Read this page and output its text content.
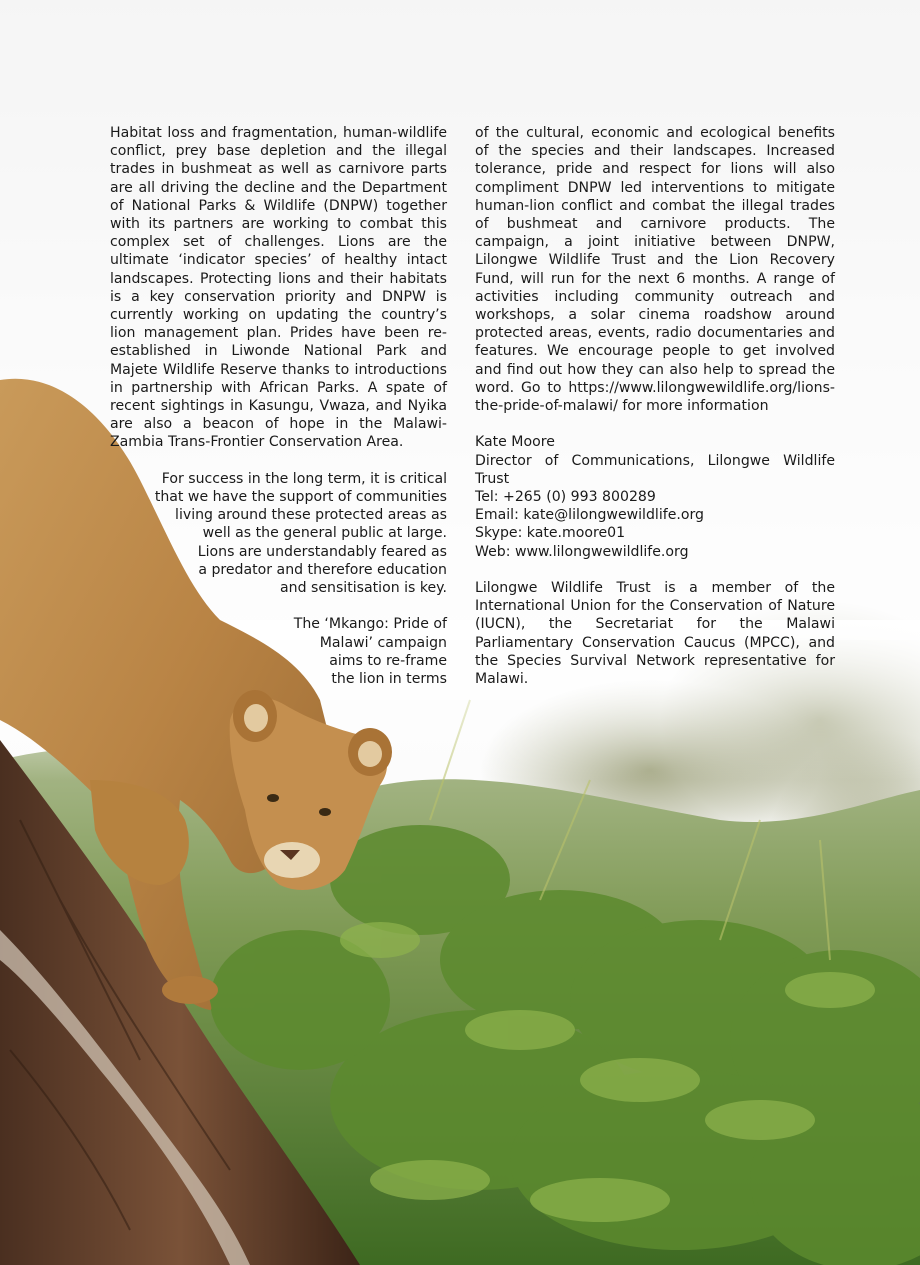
Habitat loss and fragmentation, human-wildlife conflict, prey base depletion and the illegal trades in bushmeat as well as carnivore parts are all driving the decline and the Department of National Parks & Wildlife (DNPW) together with its partners are working to combat this complex set of challenges. Lions are the ultimate ‘indicator species’ of healthy intact landscapes. Protecting lions and their habitats is a key conservation priority and DNPW is currently working on updating the country’s lion management plan. Prides have been re-established in Liwonde National Park and Majete Wildlife Reserve thanks to introductions in partnership with African Parks. A spate of recent sightings in Kasungu, Vwaza, and Nyika are also a beacon of hope in the Malawi-Zambia Trans-Frontier Conservation Area.

For success in the long term, it is critical
that we have the support of communities
living around these protected areas as
well as the general public at large.
Lions are understandably feared as
a predator and therefore education
and sensitisation is key.
The ‘Mkango: Pride of
Malawi’ campaign
aims to re-frame
the lion in terms

of the cultural, economic and ecological benefits of the species and their landscapes. Increased tolerance, pride and respect for lions will also compliment DNPW led interventions to mitigate human-lion conflict and combat the illegal trades of bushmeat and carnivore products. The campaign, a joint initiative between DNPW, Lilongwe Wildlife Trust and the Lion Recovery Fund, will run for the next 6 months. A range of activities including community outreach and workshops, a solar cinema roadshow around protected areas, events, radio documentaries and features. We encourage people to get involved and find out how they can also help to spread the word. Go to https://www.lilongwewildlife.org/lions-the-pride-of-malawi/ for more information

Kate Moore
Director of Communications, Lilongwe Wildlife Trust
Tel: +265 (0) 993 800289
Email: kate@lilongwewildlife.org
Skype: kate.moore01
Web: www.lilongwewildlife.org

Lilongwe Wildlife Trust is a member of the International Union for the Conservation of Nature (IUCN), the Secretariat for the Malawi Parliamentary Conservation Caucus (MPCC), and the Species Survival Network representative for Malawi.
